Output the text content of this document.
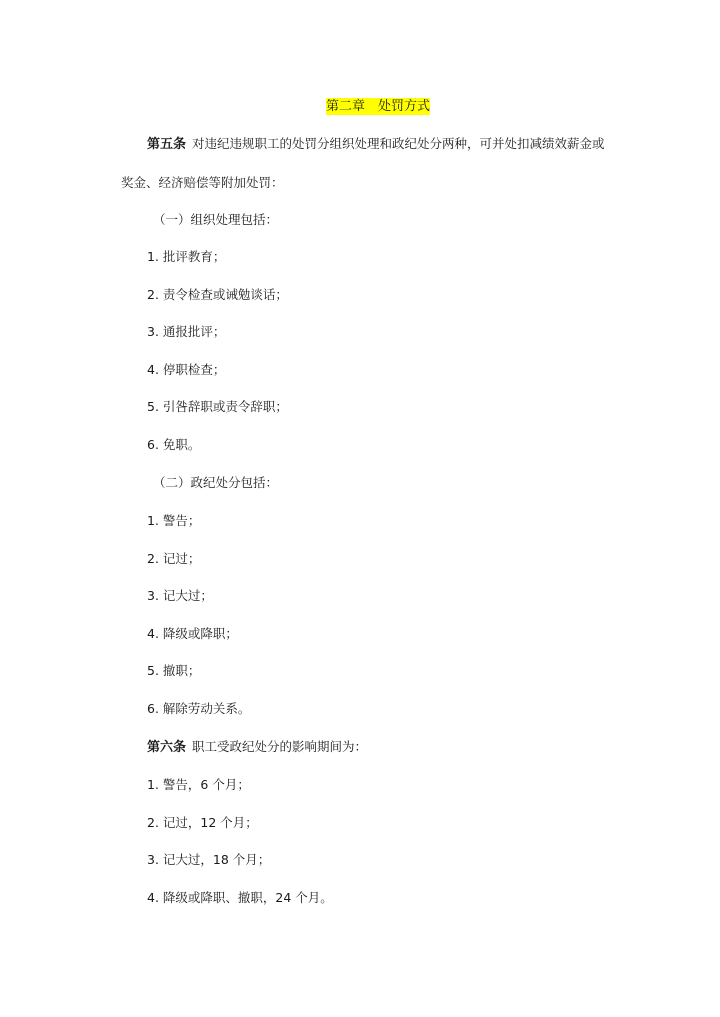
第二章　处罚方式
第五条 对违纪违规职工的处罚分组织处理和政纪处分两种，可并处扣减绩效薪金或
奖金、经济赔偿等附加处罚：
（一）组织处理包括：
1. 批评教育；
2. 责令检查或诫勉谈话；
3. 通报批评；
4. 停职检查；
5. 引咎辞职或责令辞职；
6. 免职。
（二）政纪处分包括：
1. 警告；
2. 记过；
3. 记大过；
4. 降级或降职；
5. 撤职；
6. 解除劳动关系。
第六条 职工受政纪处分的影响期间为：
1. 警告，6 个月；
2. 记过，12 个月；
3. 记大过，18 个月；
4. 降级或降职、撤职，24 个月。
